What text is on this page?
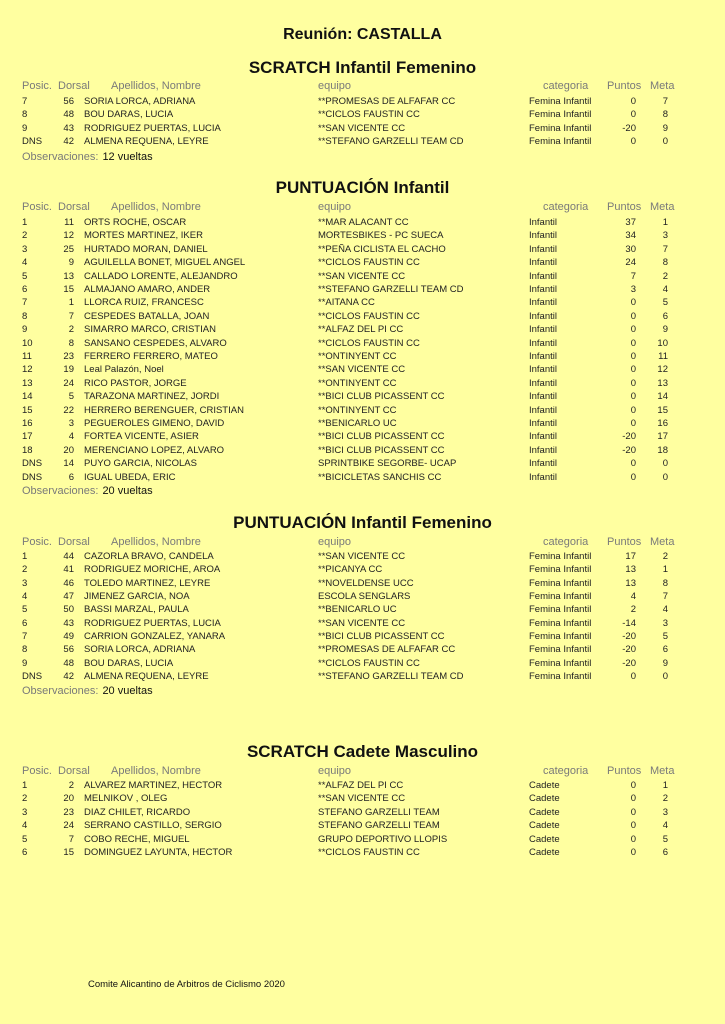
Reunión: CASTALLA
SCRATCH Infantil Femenino
Posic. Dorsal Apellidos, Nombre	equipo	categoria Puntos Meta
7	56 SORIA LORCA, ADRIANA	**PROMESAS DE ALFAFAR CC	Femina Infantil	0	7
8	48 BOU DARAS, LUCIA	**CICLOS FAUSTIN CC	Femina Infantil	0	8
9	43 RODRIGUEZ PUERTAS, LUCIA	**SAN VICENTE CC	Femina Infantil	-20	9
DNS	42 ALMENA REQUENA, LEYRE	**STEFANO GARZELLI TEAM CD	Femina Infantil	0	0
Observaciones: 12 vueltas
PUNTUACIÓN Infantil
Posic. Dorsal Apellidos, Nombre	equipo	categoria Puntos Meta
1	11 ORTS ROCHE, OSCAR	**MAR ALACANT CC	Infantil	37	1
2	12 MORTES MARTINEZ, IKER	MORTESBIKES - PC SUECA	Infantil	34	3
3	25 HURTADO MORAN, DANIEL	**PEÑA CICLISTA EL CACHO	Infantil	30	7
4	9 AGUILELLA BONET, MIGUEL ANGEL	**CICLOS FAUSTIN CC	Infantil	24	8
5	13 CALLADO LORENTE, ALEJANDRO	**SAN VICENTE CC	Infantil	7	2
6	15 ALMAJANO AMARO, ANDER	**STEFANO GARZELLI TEAM CD	Infantil	3	4
7	1 LLORCA RUIZ, FRANCESC	**AITANA CC	Infantil	0	5
8	7 CESPEDES BATALLA, JOAN	**CICLOS FAUSTIN CC	Infantil	0	6
9	2 SIMARRO MARCO, CRISTIAN	**ALFAZ DEL PI CC	Infantil	0	9
10	8 SANSANO CESPEDES, ALVARO	**CICLOS FAUSTIN CC	Infantil	0	10
11	23 FERRERO FERRERO, MATEO	**ONTINYENT CC	Infantil	0	11
12	19 Leal Palazón, Noel	**SAN VICENTE CC	Infantil	0	12
13	24 RICO PASTOR, JORGE	**ONTINYENT CC	Infantil	0	13
14	5 TARAZONA MARTINEZ, JORDI	**BICI CLUB PICASSENT CC	Infantil	0	14
15	22 HERRERO BERENGUER, CRISTIAN	**ONTINYENT CC	Infantil	0	15
16	3 PEGUEROLES GIMENO, DAVID	**BENICARLO UC	Infantil	0	16
17	4 FORTEA VICENTE, ASIER	**BICI CLUB PICASSENT CC	Infantil	-20	17
18	20 MERENCIANO LOPEZ, ALVARO	**BICI CLUB PICASSENT CC	Infantil	-20	18
DNS	14 PUYO GARCIA, NICOLAS	SPRINTBIKE SEGORBE- UCAP	Infantil	0	0
DNS	6 IGUAL UBEDA, ERIC	**BICICLETAS SANCHIS CC	Infantil	0	0
Observaciones: 20 vueltas
PUNTUACIÓN Infantil Femenino
Posic. Dorsal Apellidos, Nombre	equipo	categoria Puntos Meta
1	44 CAZORLA BRAVO, CANDELA	**SAN VICENTE CC	Femina Infantil	17	2
2	41 RODRIGUEZ MORICHE, AROA	**PICANYA CC	Femina Infantil	13	1
3	46 TOLEDO MARTINEZ, LEYRE	**NOVELDENSE UCC	Femina Infantil	13	8
4	47 JIMENEZ GARCIA, NOA	ESCOLA SENGLARS	Femina Infantil	4	7
5	50 BASSI MARZAL, PAULA	**BENICARLO UC	Femina Infantil	2	4
6	43 RODRIGUEZ PUERTAS, LUCIA	**SAN VICENTE CC	Femina Infantil	-14	3
7	49 CARRION GONZALEZ, YANARA	**BICI CLUB PICASSENT CC	Femina Infantil	-20	5
8	56 SORIA LORCA, ADRIANA	**PROMESAS DE ALFAFAR CC	Femina Infantil	-20	6
9	48 BOU DARAS, LUCIA	**CICLOS FAUSTIN CC	Femina Infantil	-20	9
DNS	42 ALMENA REQUENA, LEYRE	**STEFANO GARZELLI TEAM CD	Femina Infantil	0	0
Observaciones: 20 vueltas
SCRATCH Cadete Masculino
Posic. Dorsal Apellidos, Nombre	equipo	categoria Puntos Meta
1	2 ALVAREZ MARTINEZ, HECTOR	**ALFAZ DEL PI CC	Cadete	0	1
2	20 MELNIKOV , OLEG	**SAN VICENTE CC	Cadete	0	2
3	23 DIAZ CHILET, RICARDO	STEFANO GARZELLI TEAM	Cadete	0	3
4	24 SERRANO CASTILLO, SERGIO	STEFANO GARZELLI TEAM	Cadete	0	4
5	7 COBO RECHE, MIGUEL	GRUPO DEPORTIVO LLOPIS	Cadete	0	5
6	15 DOMINGUEZ LAYUNTA, HECTOR	**CICLOS FAUSTIN CC	Cadete	0	6
Comite Alicantino de Arbitros de Ciclismo 2020
